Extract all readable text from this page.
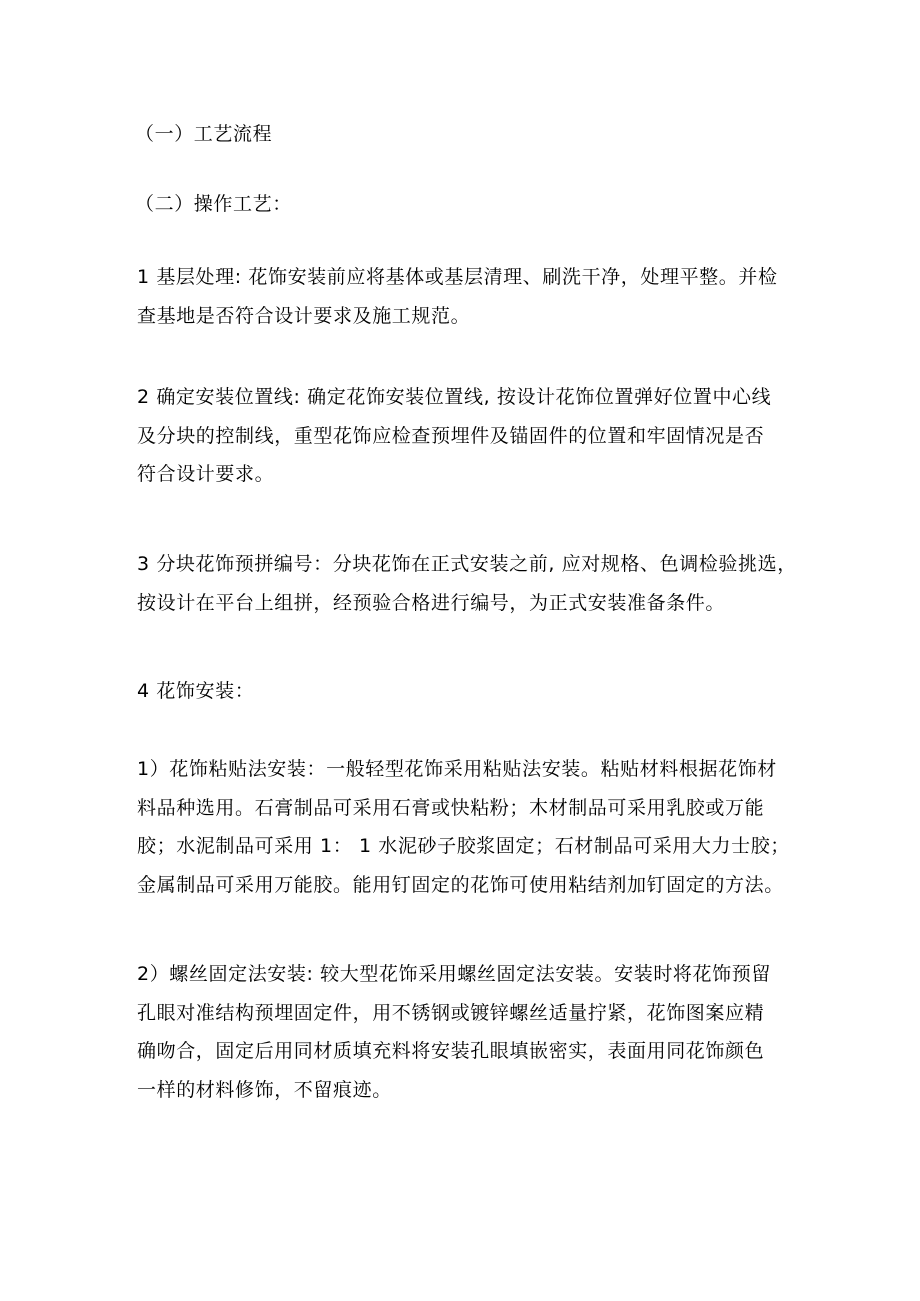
（一）工艺流程

（二）操作工艺：

1 基层处理: 花饰安装前应将基体或基层清理、刷洗干净，处理平整。并检
查基地是否符合设计要求及施工规范。

2 确定安装位置线: 确定花饰安装位置线, 按设计花饰位置弹好位置中心线
及分块的控制线，重型花饰应检查预埋件及锚固件的位置和牢固情况是否
符合设计要求。

3 分块花饰预拼编号：分块花饰在正式安装之前, 应对规格、色调检验挑选，
按设计在平台上组拼，经预验合格进行编号，为正式安装准备条件。

4 花饰安装：

1）花饰粘贴法安装：一般轻型花饰采用粘贴法安装。粘贴材料根据花饰材
料品种选用。石膏制品可采用石膏或快粘粉；木材制品可采用乳胶或万能
胶；水泥制品可采用 1： 1 水泥砂子胶浆固定；石材制品可采用大力士胶；
金属制品可采用万能胶。能用钉固定的花饰可使用粘结剂加钉固定的方法。

2）螺丝固定法安装: 较大型花饰采用螺丝固定法安装。安装时将花饰预留
孔眼对准结构预埋固定件，用不锈钢或镀锌螺丝适量拧紧，花饰图案应精
确吻合，固定后用同材质填充料将安装孔眼填嵌密实，表面用同花饰颜色
一样的材料修饰，不留痕迹。
